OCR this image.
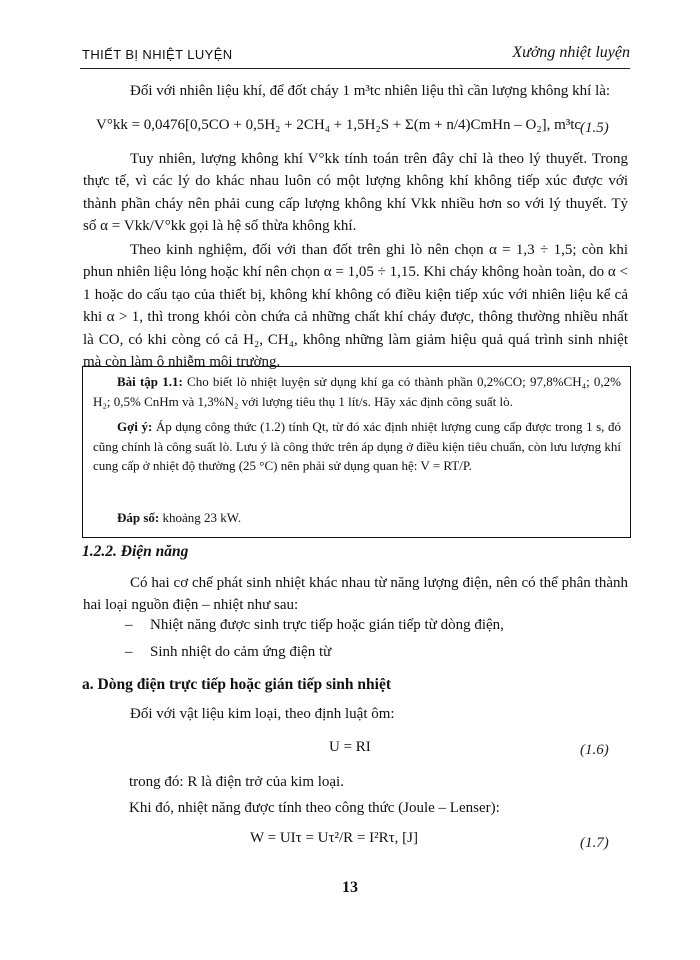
THIẾT BỊ NHIỆT LUYỆN	Xưởng nhiệt luyện

Đối với nhiên liệu khí, để đốt cháy 1 m³tc nhiên liệu thì cần lượng không khí là:

V°kk = 0,0476[0,5CO + 0,5H₂ + 2CH₄ + 1,5H₂S + Σ(m + n/4)CmHn – O₂], m³tc
(1.5)

Tuy nhiên, lượng không khí V°kk tính toán trên đây chỉ là theo lý thuyết. Trong thực tế, vì các lý do khác nhau luôn có một lượng không khí không tiếp xúc được với thành phần cháy nên phải cung cấp lượng không khí Vkk nhiều hơn so với lý thuyết. Tỷ số α = Vkk/V°kk gọi là hệ số thừa không khí.

Theo kinh nghiệm, đối với than đốt trên ghi lò nên chọn α = 1,3 ÷ 1,5; còn khi phun nhiên liệu lỏng hoặc khí nên chọn α = 1,05 ÷ 1,15. Khi cháy không hoàn toàn, do α < 1 hoặc do cấu tạo của thiết bị, không khí không có điều kiện tiếp xúc với nhiên liệu kể cả khi α > 1, thì trong khói còn chứa cả những chất khí cháy được, thông thường nhiều nhất là CO, có khi còng có cả H₂, CH₄, không những làm giảm hiệu quả quá trình sinh nhiệt mà còn làm ô nhiễm môi trường.

Bài tập 1.1: Cho biết lò nhiệt luyện sử dụng khí ga có thành phần 0,2%CO; 97,8%CH₄; 0,2% H₂; 0,5% CnHm và 1,3%N₂ với lượng tiêu thụ 1 lít/s. Hãy xác định công suất lò.
Gợi ý: Áp dụng công thức (1.2) tính Qt, từ đó xác định nhiệt lượng cung cấp được trong 1 s, đó cũng chính là công suất lò. Lưu ý là công thức trên áp dụng ở điều kiện tiêu chuẩn, còn lưu lượng khí cung cấp ở nhiệt độ thường (25 °C) nên phải sử dụng quan hệ: V = RT/P.
Đáp số: khoảng 23 kW.
1.2.2. Điện năng

Có hai cơ chế phát sinh nhiệt khác nhau từ năng lượng điện, nên có thể phân thành hai loại nguồn điện – nhiệt như sau:

– Nhiệt năng được sinh trực tiếp hoặc gián tiếp từ dòng điện,
– Sinh nhiệt do cảm ứng điện từ
a. Dòng điện trực tiếp hoặc gián tiếp sinh nhiệt

Đối với vật liệu kim loại, theo định luật ôm:

U = RI	(1.6)

trong đó: R là điện trở của kim loại.

Khi đó, nhiệt năng được tính theo công thức (Joule – Lenser):

W = UIτ = Uτ²/R = I²Rτ, [J]	(1.7)
13
